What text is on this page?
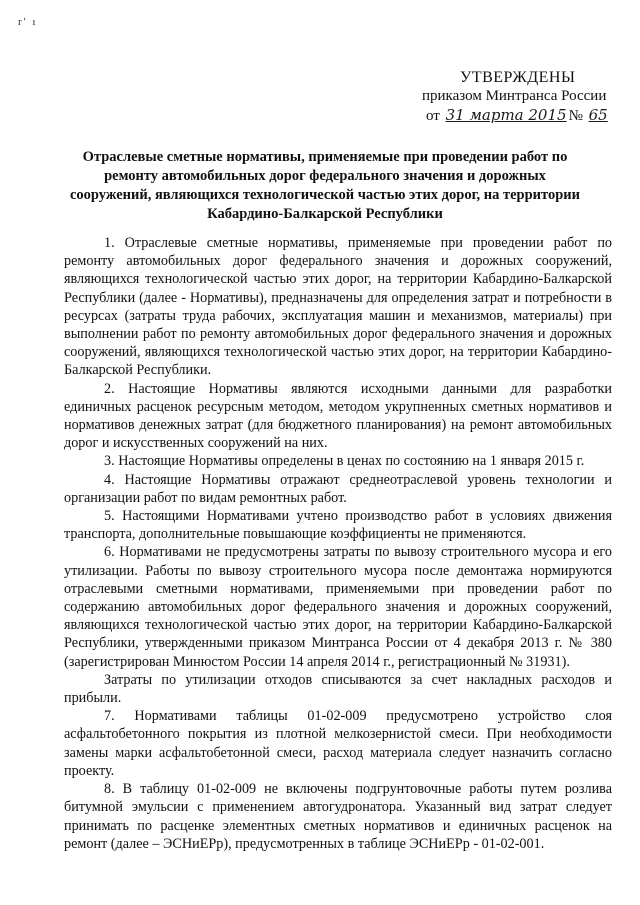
r' ı
УТВЕРЖДЕНЫ
приказом Минтранса России
от 31 марта 2015 № 65
Отраслевые сметные нормативы, применяемые при проведении работ по ремонту автомобильных дорог федерального значения и дорожных сооружений, являющихся технологической частью этих дорог, на территории Кабардино-Балкарской Республики

1. Отраслевые сметные нормативы, применяемые при проведении работ по ремонту автомобильных дорог федерального значения и дорожных сооружений, являющихся технологической частью этих дорог, на территории Кабардино-Балкарской Республики (далее - Нормативы), предназначены для определения затрат и потребности в ресурсах (затраты труда рабочих, эксплуатация машин и механизмов, материалы) при выполнении работ по ремонту автомобильных дорог федерального значения и дорожных сооружений, являющихся технологической частью этих дорог, на территории Кабардино-Балкарской Республики.

2. Настоящие Нормативы являются исходными данными для разработки единичных расценок ресурсным методом, методом укрупненных сметных нормативов и нормативов денежных затрат (для бюджетного планирования) на ремонт автомобильных дорог и искусственных сооружений на них.

3. Настоящие Нормативы определены в ценах по состоянию на 1 января 2015 г.

4. Настоящие Нормативы отражают среднеотраслевой уровень технологии и организации работ по видам ремонтных работ.

5. Настоящими Нормативами учтено производство работ в условиях движения транспорта, дополнительные повышающие коэффициенты не применяются.

6. Нормативами не предусмотрены затраты по вывозу строительного мусора и его утилизации. Работы по вывозу строительного мусора после демонтажа нормируются отраслевыми сметными нормативами, применяемыми при проведении работ по содержанию автомобильных дорог федерального значения и дорожных сооружений, являющихся технологической частью этих дорог, на территории Кабардино-Балкарской Республики, утвержденными приказом Минтранса России от 4 декабря 2013 г. № 380 (зарегистрирован Минюстом России 14 апреля 2014 г., регистрационный № 31931).

Затраты по утилизации отходов списываются за счет накладных расходов и прибыли.

7. Нормативами таблицы 01-02-009 предусмотрено устройство слоя асфальтобетонного покрытия из плотной мелкозернистой смеси. При необходимости замены марки асфальтобетонной смеси, расход материала следует назначить согласно проекту.

8. В таблицу 01-02-009 не включены подгрунтовочные работы путем розлива битумной эмульсии с применением автогудронатора. Указанный вид затрат следует принимать по расценке элементных сметных нормативов и единичных расценок на ремонт (далее – ЭСНиЕРр), предусмотренных в таблице ЭСНиЕРр - 01-02-001.
